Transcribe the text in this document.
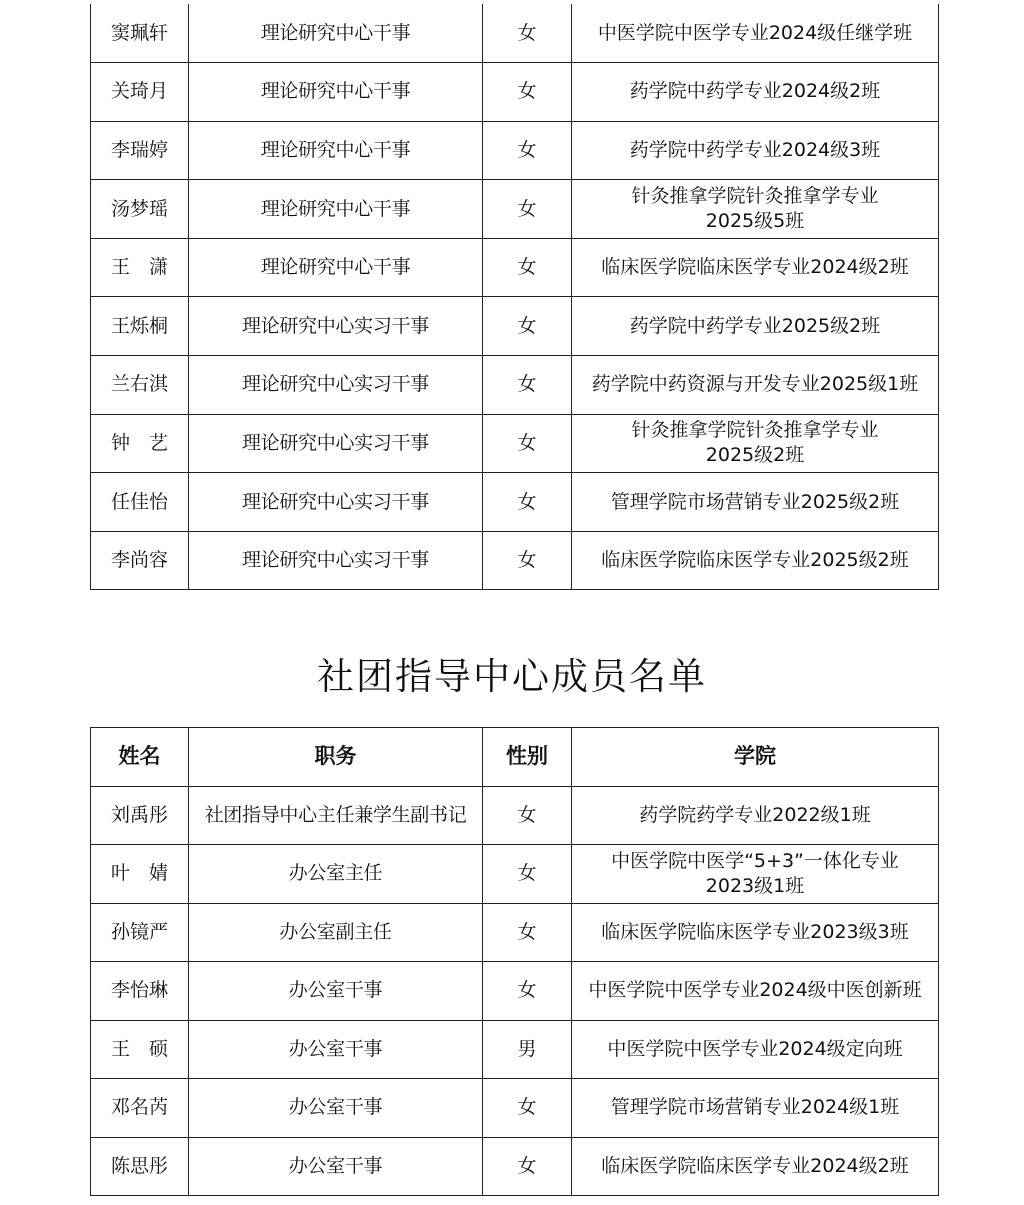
窦珮轩	理论研究中心干事	女	中医学院中医学专业2024级任继学班
关琦月	理论研究中心干事	女	药学院中药学专业2024级2班
李瑞婷	理论研究中心干事	女	药学院中药学专业2024级3班
汤梦瑶	理论研究中心干事	女	针灸推拿学院针灸推拿学专业
2025级5班
王　潇	理论研究中心干事	女	临床医学院临床医学专业2024级2班
王烁桐	理论研究中心实习干事	女	药学院中药学专业2025级2班
兰右淇	理论研究中心实习干事	女	药学院中药资源与开发专业2025级1班
钟　艺	理论研究中心实习干事	女	针灸推拿学院针灸推拿学专业
2025级2班
任佳怡	理论研究中心实习干事	女	管理学院市场营销专业2025级2班
李尚容	理论研究中心实习干事	女	临床医学院临床医学专业2025级2班
社团指导中心成员名单
姓名	职务	性别	学院
刘禹彤	社团指导中心主任兼学生副书记	女	药学院药学专业2022级1班
叶　婧	办公室主任	女	中医学院中医学“5+3”一体化专业
2023级1班
孙镜严	办公室副主任	女	临床医学院临床医学专业2023级3班
李怡琳	办公室干事	女	中医学院中医学专业2024级中医创新班
王　硕	办公室干事	男	中医学院中医学专业2024级定向班
邓名芮	办公室干事	女	管理学院市场营销专业2024级1班
陈思彤	办公室干事	女	临床医学院临床医学专业2024级2班
